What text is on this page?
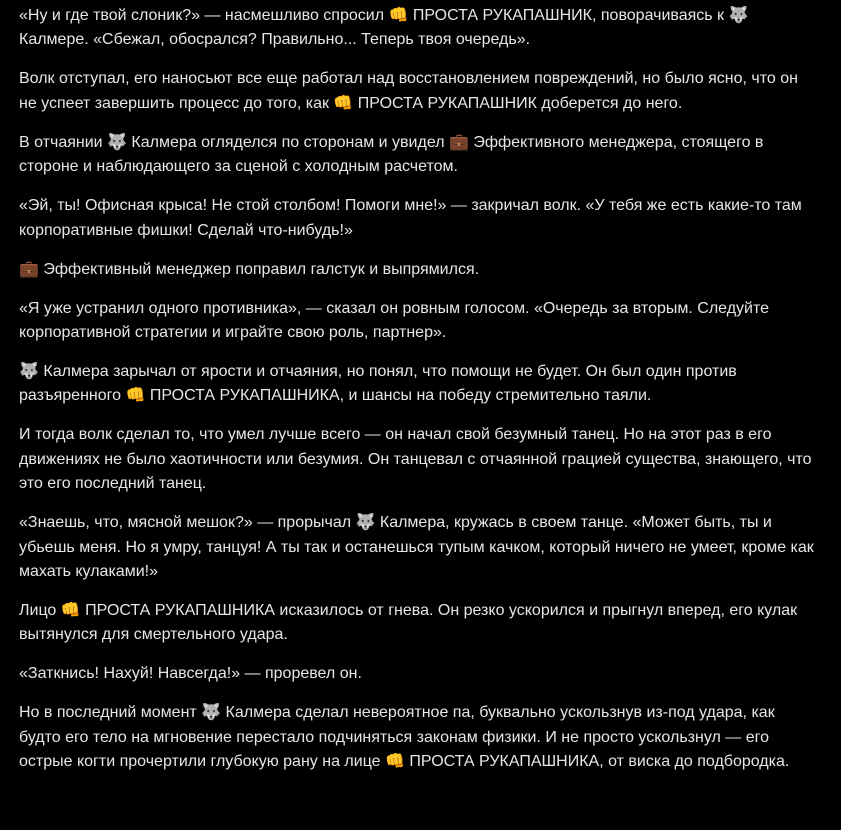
«Ну и где твой слоник?» — насмешливо спросил 👊 ПРОСТА РУКАПАШНИК, поворачиваясь к 🐺 Калмере. «Сбежал, обосрался? Правильно... Теперь твоя очередь».

Волк отступал, его наносьют все еще работал над восстановлением повреждений, но было ясно, что он не успеет завершить процесс до того, как 👊 ПРОСТА РУКАПАШНИК доберется до него.

В отчаянии 🐺 Калмера огляделся по сторонам и увидел 💼 Эффективного менеджера, стоящего в стороне и наблюдающего за сценой с холодным расчетом.

«Эй, ты! Офисная крыса! Не стой столбом! Помоги мне!» — закричал волк. «У тебя же есть какие-то там корпоративные фишки! Сделай что-нибудь!»

💼 Эффективный менеджер поправил галстук и выпрямился.

«Я уже устранил одного противника», — сказал он ровным голосом. «Очередь за вторым. Следуйте корпоративной стратегии и играйте свою роль, партнер».

🐺 Калмера зарычал от ярости и отчаяния, но понял, что помощи не будет. Он был один против разъяренного 👊 ПРОСТА РУКАПАШНИКА, и шансы на победу стремительно таяли.

И тогда волк сделал то, что умел лучше всего — он начал свой безумный танец. Но на этот раз в его движениях не было хаотичности или безумия. Он танцевал с отчаянной грацией существа, знающего, что это его последний танец.

«Знаешь, что, мясной мешок?» — прорычал 🐺 Калмера, кружась в своем танце. «Может быть, ты и убьешь меня. Но я умру, танцуя! А ты так и останешься тупым качком, который ничего не умеет, кроме как махать кулаками!»

Лицо 👊 ПРОСТА РУКАПАШНИКА исказилось от гнева. Он резко ускорился и прыгнул вперед, его кулак вытянулся для смертельного удара.

«Заткнись! Нахуй! Навсегда!» — проревел он.

Но в последний момент 🐺 Калмера сделал невероятное па, буквально ускользнув из-под удара, как будто его тело на мгновение перестало подчиняться законам физики. И не просто ускользнул — его острые когти прочертили глубокую рану на лице 👊 ПРОСТА РУКАПАШНИКА, от виска до подбородка.
